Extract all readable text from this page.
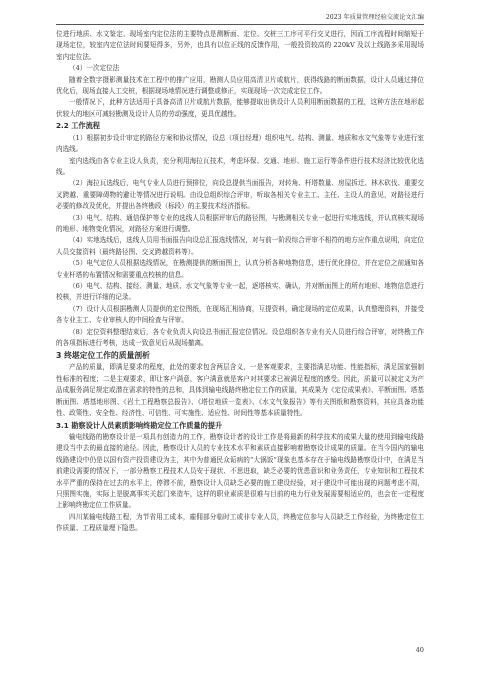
2023 年质量管理经验交流论文汇编

位进行地质、水文鉴定、现场室内定位法的主要特点是测断面、定位、交桩三工序可平行交叉进行，因而工序流程时间缩短于现场定位，较室内定位法时间要短得多，另外，也具有以位正线的反馈作用，一般投资较高的 220kV 及以上线路多采用现场室内定位法。

（4）一次定位法

随着全数字摄影测量技术在工程中的推广应用，勘测人员应用高清卫片或航片，获得线路的断面数据，设计人员通过排位优化后，现场直接人工交桩，根据现场地情况进行调整或修正，实现现场一次完成定位工作。

一般情况下，此种方法适用于具备高清卫片或航片数据，能够提取出供设计人员利用断面数据的工程，这种方法在地形起伏较大的地区可减轻勘测及设计人员的劳动强度，更具优越性。

2.2 工作流程

（1）根据初步设计审定的路径方案和协议情况，设总（项目经理）组织电气、结构、测量、地质和水文气象等专业进行室内选线。

室内选线由各专业主设人负责，充分利用海拉瓦技术，考虑环保、交通、地形、施工运行等条件进行技术经济比较优化选线。

（2）海拉瓦选线后，电气专业人员进行预排位，向设总提供当面报告，对转角、杆塔数量、房屋拆迁、林木砍伐、重要交叉跨越、重要障碍物的避让等情况进行说明。由设总组织综合评审，听取各相关专业主工、主任、主设人的意见，对路径进行必要的修改及优化，并提出各终勘段（标段）的主要技术经济指标。

（3）电气、结构、通信保护等专业的选线人员根据评审后的路径图，与勘测相关专业一起进行实地选线，并认真核实现场的地形、地物变化情况，对路径方案进行调整。

（4）实地选线后，选线人员用书面报告向设总汇报选线情况，对与前一阶段综合评审不相符的地方应作重点说明，向定位人员交接资料（最终路径图、交叉跨越资料等）。

（5）电气定位人员根据选线情况，在勘测提供的断面图上，认真分析各种地物信息，进行优化排位，并在定位之前通知各专业杆塔的布置情况和需要重点校核的信息。

（6）电气、结构、接经、测量、地质、水文气象等专业一起，逐塔核实、确认，并对断面图上的所有地形、地物信息进行校核，并进行详细的记录。

（7）设计人员根据勘测人员提供的定位图纸，在现场汇相协商，互提资料，确定现场的定位成果，认真整理资料，并接受各专业主工、专业审核人的中间检查与评审。

（8）定位资料整理结束后，各专业负责人向设总书面汇报定位情况。设总组织各专业有关人员进行综合评审，对终勘工作的各项指标进行考核，达成一致意见后从现场撤离。

3 终堪定位工作的质量剖析

产品的质量，即满足要求的程度，此处的要求包含两层含义，一是客观要求，主要指满足功能、性能指标，满足国家强制性标准的程度；二是主观要求，即让客户满意，客户满意就是客户对其要求已被满足程度的感受。因此，质量可以被定义为产品成服务满足规定或潜在需求的特性的总和，具体到输电线路终勘定位工作的质量，其成果为《定位成果表》、平断面图、塔基断面图、塔基地形图、《岩土工程勘察总报告》、《塔位地质一览表》、《水文气象报告》等有关图纸和勘察资料，其应具备功能性、政策性、安全性、经济性、可信性、可实施性、适应性、时间性等基本质量特性。

3.1 勘察设计人员素质影响终勘定位工作质量的提升

输电线路的勘察设计是一项具有创造力的工作，勘察设计者的设计工作是将最新的科学技术的成果大量的使用到输电线路建设当中去的最直接的途径。因此，勘察设计人员的专业技术水平和素质直接影响着勘察设计成果的质量。在当今国内的输电线路建设中仍是以国有资产投资建设为主，其中为普通民众诟病的“大锅饭”现象也基本存在于输电线路勘察设计中，在满足当前建设需要的情况下，一部分勘察工程技术人员安于现状、不思进取，缺乏必要的优患意识和业务责任，专业知识和工程技术水平严重的保持在过去的水平上，停滞不前，勘察设计人员缺乏必要的施工建设经验，对于建设中可能出现的问题考虑不周，只照图实施，实际上是脱离事实关起门来造车，这样的职业素质是很难与目前的电力行业发展需要相适应的，也会在一定程度上影响终勘定位工作质量。

四川某输电线路工程，为节省用工成本，雇佣部分临时工或非专业人员，终勘定位参与人员缺乏工作经验，为终勘定位工作质量、工程质量埋下隐患。

40
